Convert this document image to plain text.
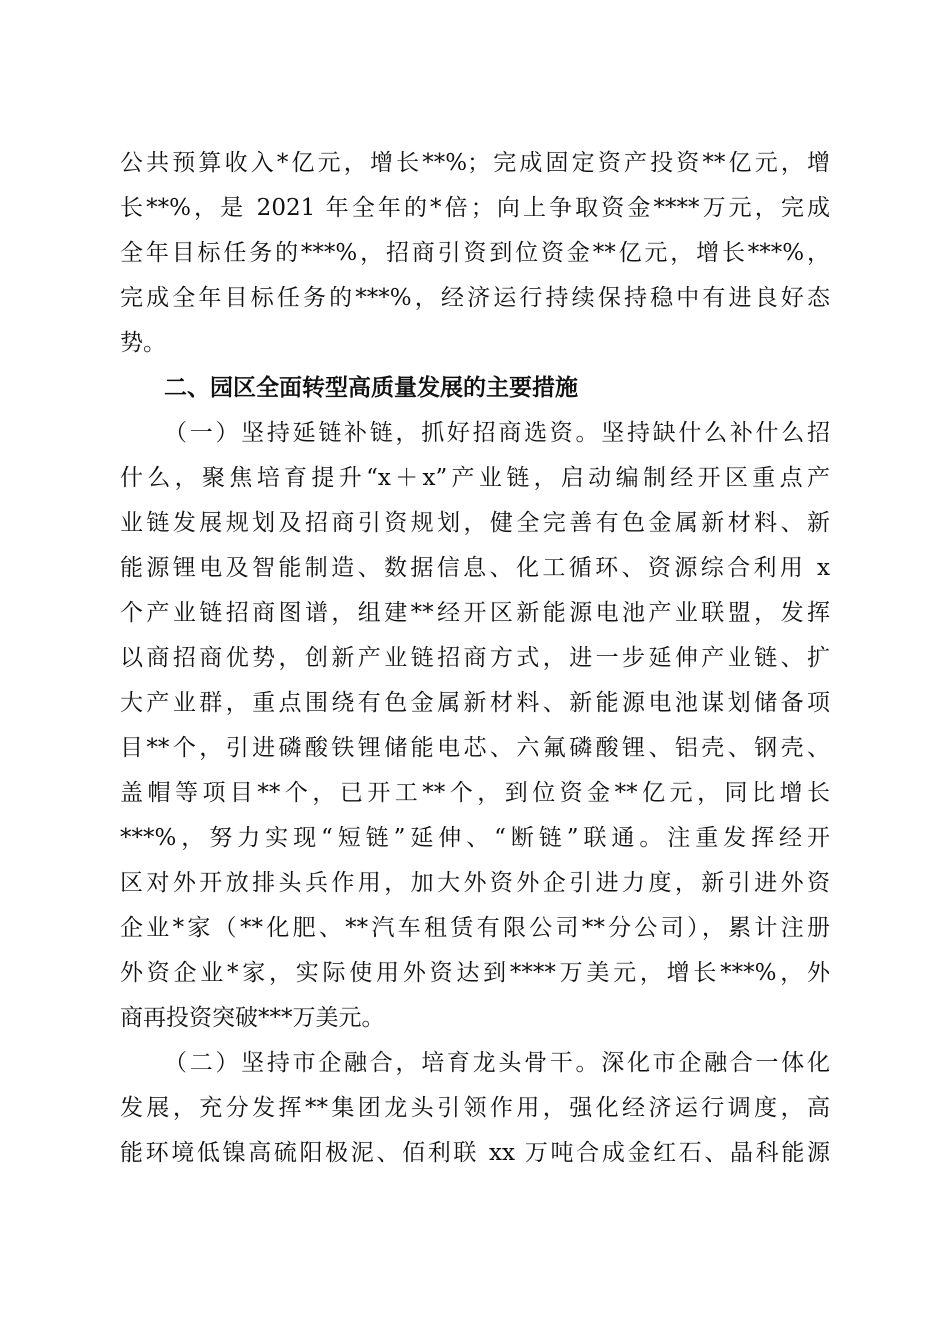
公共预算收入*亿元，增长**%；完成固定资产投资**亿元，增
长**%，是 2021 年全年的*倍；向上争取资金****万元，完成
全年目标任务的***%，招商引资到位资金**亿元，增长***%，
完成全年目标任务的***%，经济运行持续保持稳中有进良好态
势。
二、园区全面转型高质量发展的主要措施
（一）坚持延链补链，抓好招商选资。坚持缺什么补什么招
什么，聚焦培育提升“x＋x”产业链，启动编制经开区重点产
业链发展规划及招商引资规划，健全完善有色金属新材料、新
能源锂电及智能制造、数据信息、化工循环、资源综合利用 x
个产业链招商图谱，组建**经开区新能源电池产业联盟，发挥
以商招商优势，创新产业链招商方式，进一步延伸产业链、扩
大产业群，重点围绕有色金属新材料、新能源电池谋划储备项
目**个，引进磷酸铁锂储能电芯、六氟磷酸锂、铝壳、钢壳、
盖帽等项目**个，已开工**个，到位资金**亿元，同比增长
***%，努力实现“短链”延伸、“断链”联通。注重发挥经开
区对外开放排头兵作用，加大外资外企引进力度，新引进外资
企业*家（**化肥、**汽车租赁有限公司**分公司），累计注册
外资企业*家，实际使用外资达到****万美元，增长***%，外
商再投资突破***万美元。
（二）坚持市企融合，培育龙头骨干。深化市企融合一体化
发展，充分发挥**集团龙头引领作用，强化经济运行调度，高
能环境低镍高硫阳极泥、佰利联 xx 万吨合成金红石、晶科能源
